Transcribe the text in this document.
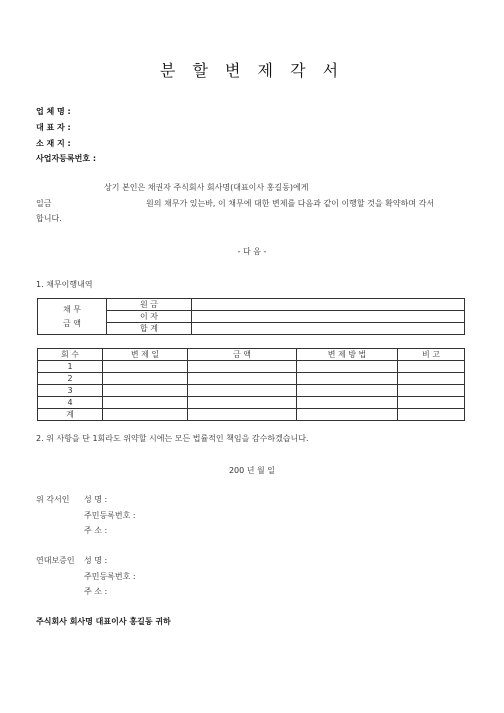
분 할 변 제 각 서
업 체 명 :
대 표 자 :
소 재 지 :
사업자등록번호 :
상기 본인은 채권자 주식회사 회사명(대표이사 홍길동)에게
일금	원의 채무가 있는바, 이 채무에 대한 변제를 다음과 같이 이행할 것을 확약하며 각서
합니다.
- 다 음 -
1. 채무이행내역
채 무
금 액	원 금	
	이 자	
	합 계	
회 수	변 제 일	금 액	변 제 방 법	비 고
1				
2				
3				
4				
계				
2. 위 사항을 단 1회라도 위약할 시에는 모든 법률적인 책임을 감수하겠습니다.
200 년 월 일
위 각서인 성 명 :
주민등록번호 :
주 소 :
연대보증인 성 명 :
주민등록번호 :
주 소 :
주식회사 회사명 대표이사 홍길동 귀하
